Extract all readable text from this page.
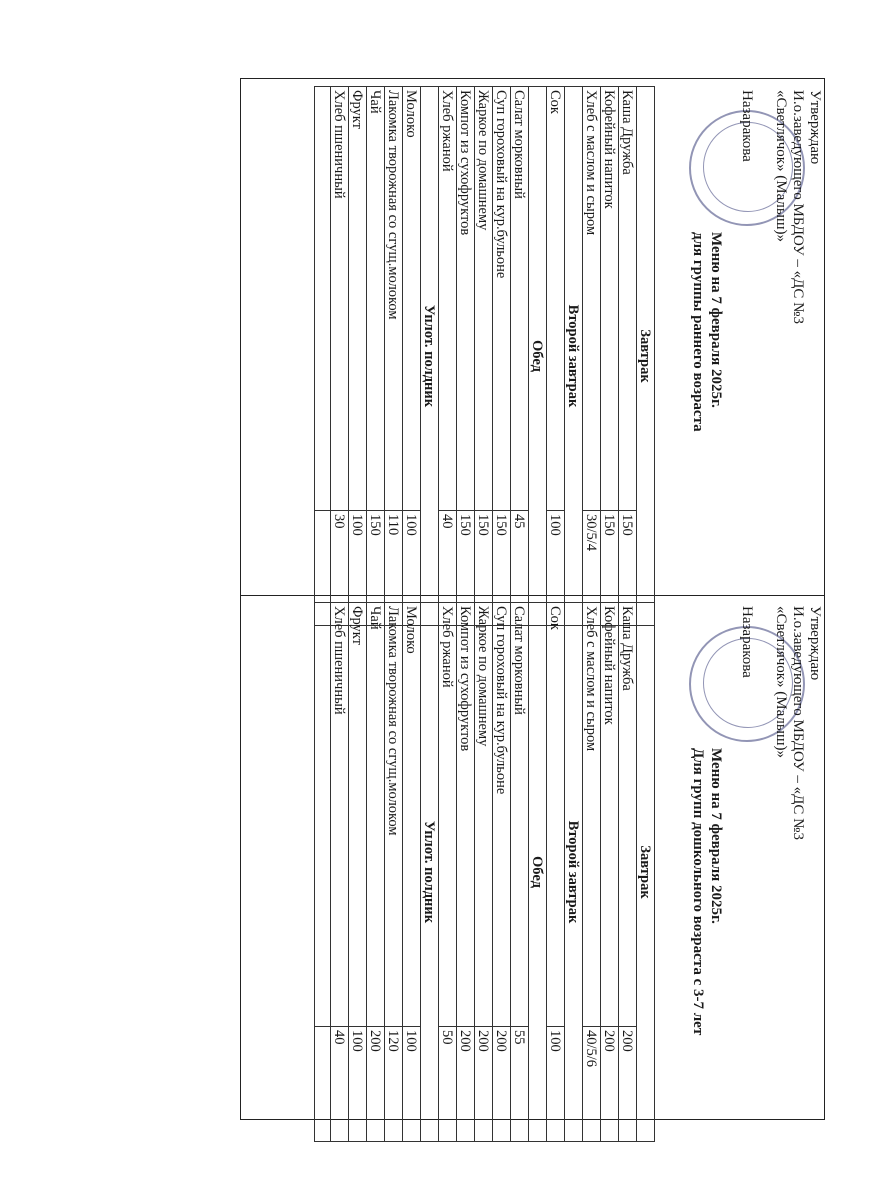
Утверждаю
И.о.заведующего МБДОУ – «ДС №3
«Светлячок» (Малыш)»
Назаракова
Меню на 7 февраля 2025г.
для группы раннего возраста
Завтрак	
Каша Дружба	150
Кофейный напиток	150
Хлеб с маслом и сыром	30/5/4
Второй завтрак	
Сок	100
Обед	
Салат морковный	45
Суп гороховый на кур.бульоне	150
Жаркое по домашнему	150
Компот из сухофруктов	150
Хлеб ржаной	40
Уплот. полдник	
Молоко	100
Лакомка творожная со сгущ.молоком	110
Чай	150
Фрукт	100
Хлеб пшеничный	30

Утверждаю
И.о.заведующего МБДОУ – «ДС №3
«Светлячок» (Малыш)»
Назаракова
Меню на 7 февраля 2025г.
Для групп дошкольного возраста с 3-7 лет
Завтрак	
Каша Дружба	200
Кофейный напиток	200
Хлеб с маслом и сыром	40/5/6
Второй завтрак	
Сок	100
Обед	
Салат морковный	55
Суп гороховый на кур.бульоне	200
Жаркое по домашнему	200
Компот из сухофруктов	200
Хлеб ржаной	50
Уплот. полдник	
Молоко	100
Лакомка творожная со сгущ.молоком	120
Чай	200
Фрукт	100
Хлеб пшеничный	40
